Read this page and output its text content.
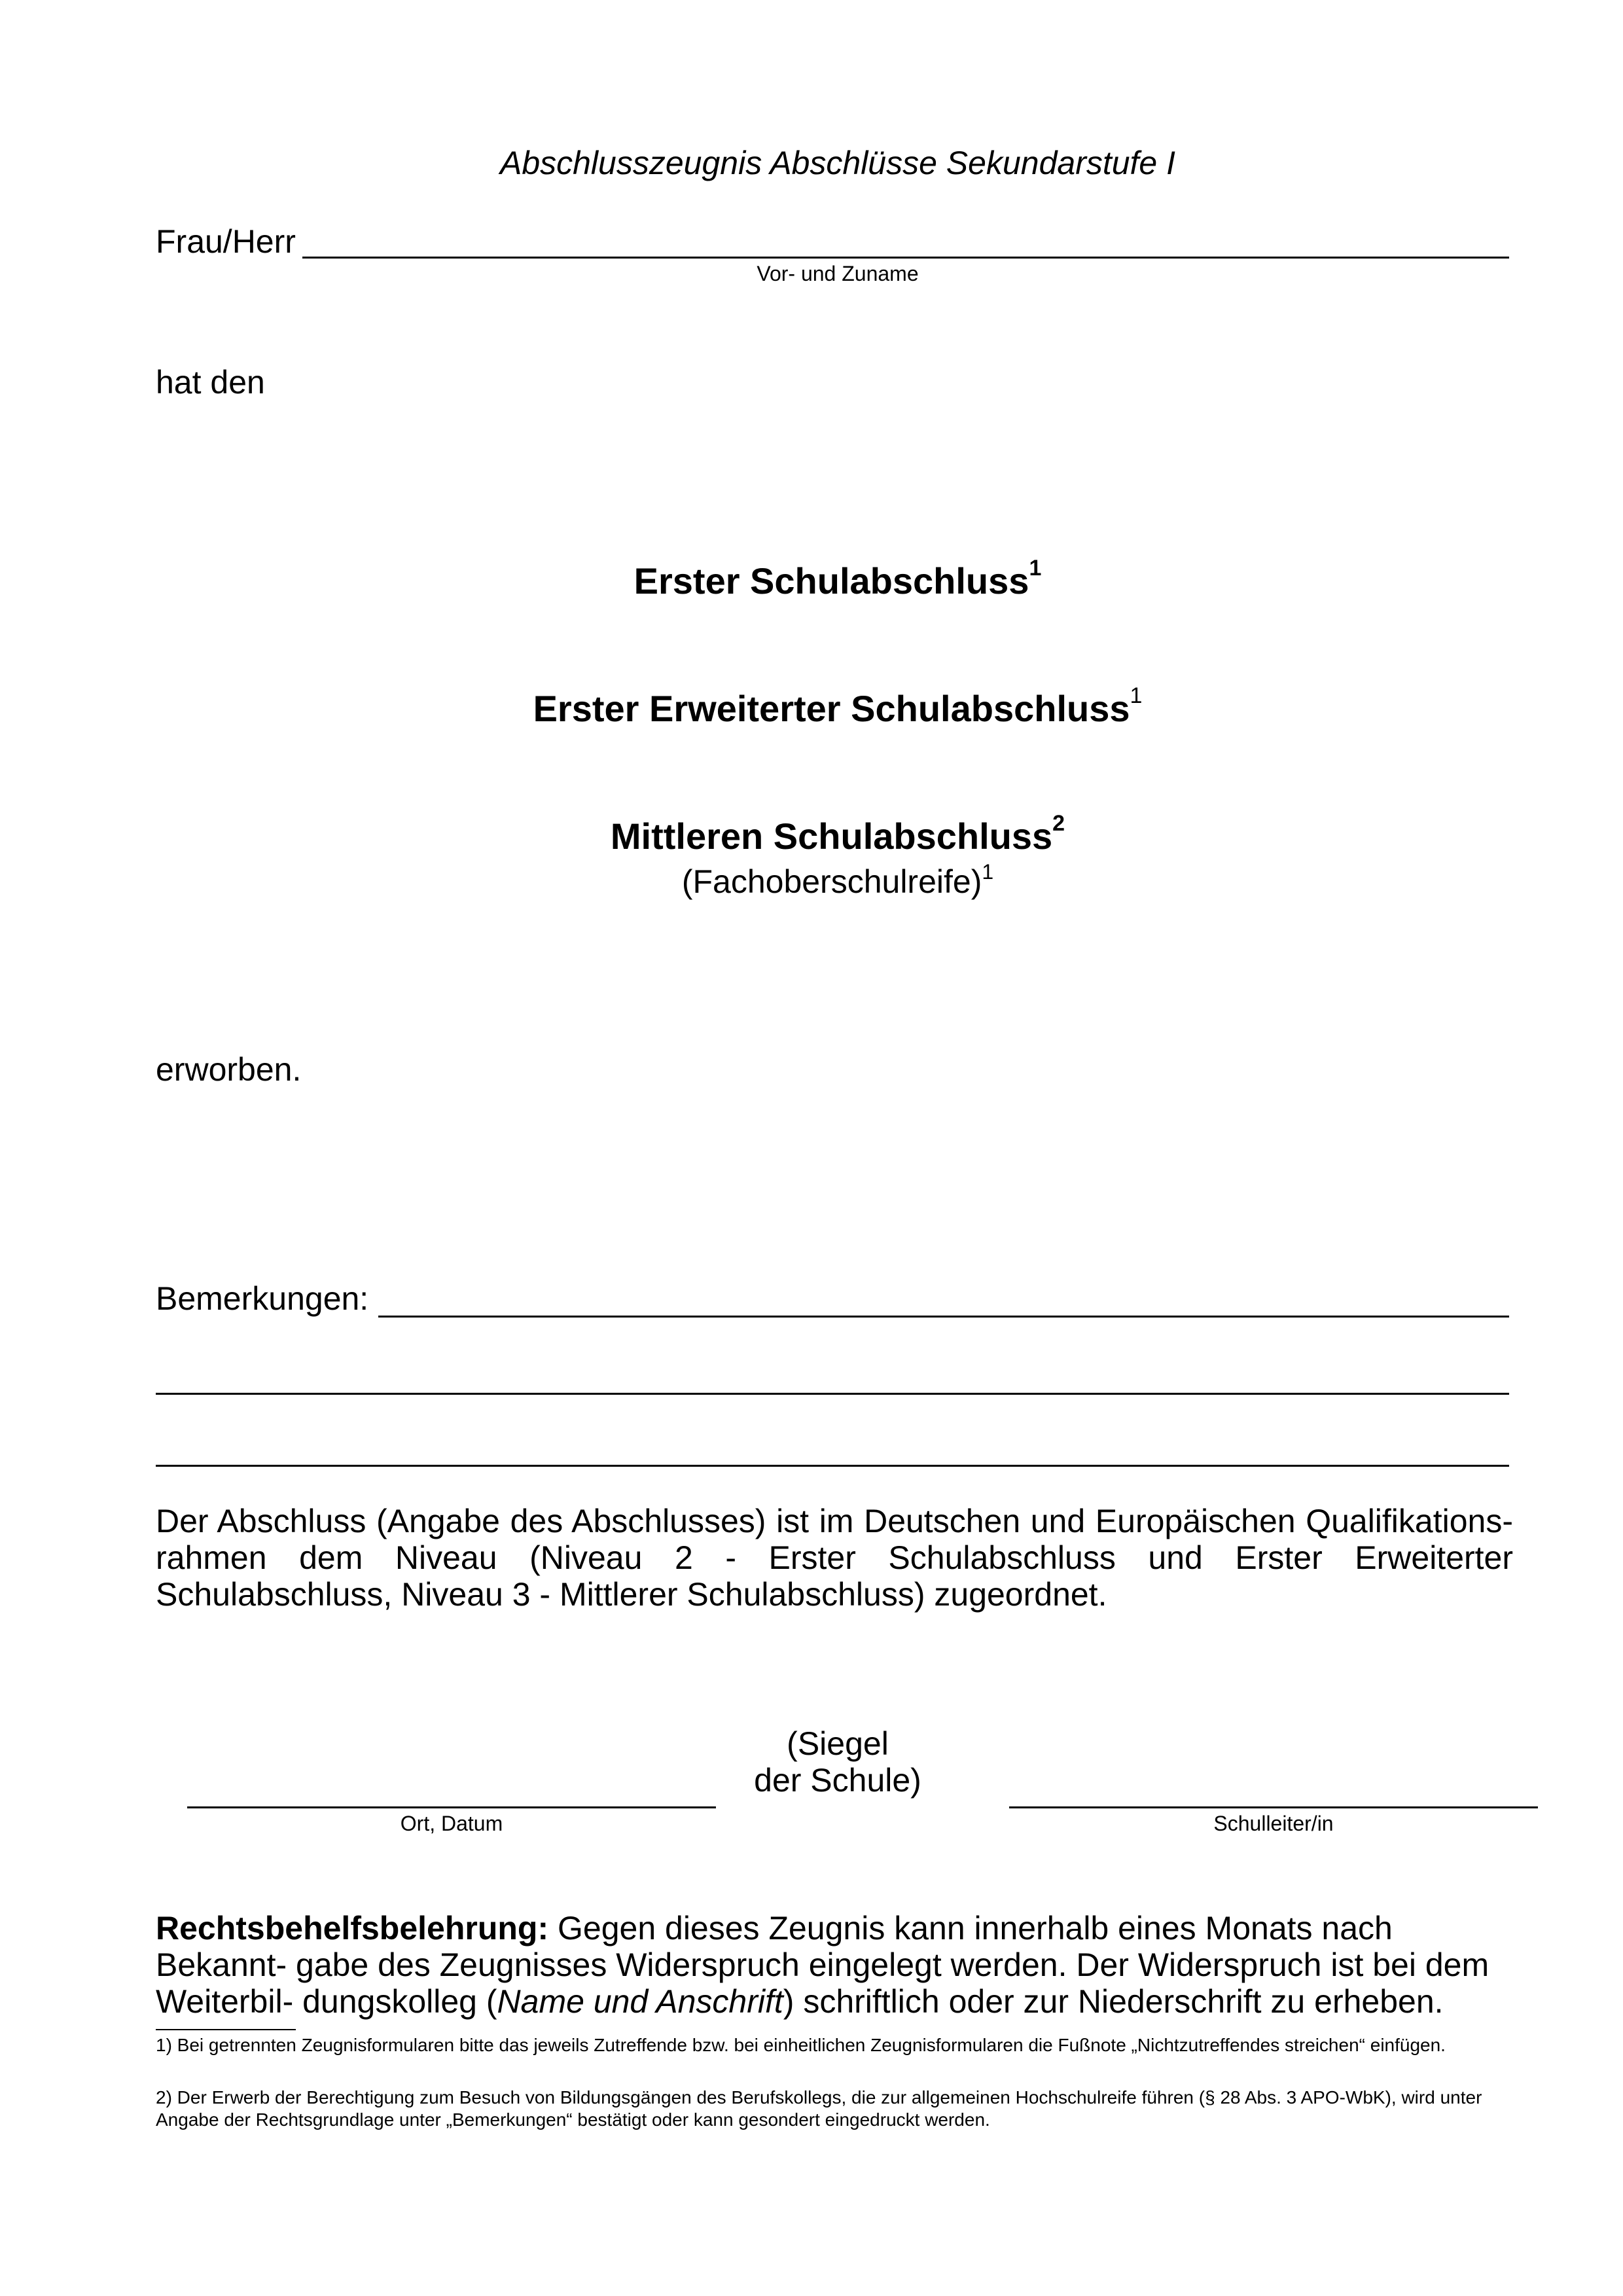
Abschlusszeugnis Abschlüsse Sekundarstufe I
Frau/Herr
Vor- und Zuname
hat den
Erster Schulabschluss$^1$
Erster Erweiterter Schulabschluss$^1$
Mittleren Schulabschluss$^2$
(Fachoberschulreife)$^1$
erworben.
Bemerkungen:
Der Abschluss (Angabe des Abschlusses) ist im Deutschen und Europäischen Qualifikations-rahmen dem Niveau (Niveau 2 - Erster Schulabschluss und Erster Erweiterter Schulabschluss, Niveau 3 - Mittlerer Schulabschluss) zugeordnet.
(Siegel
der Schule)
Ort, Datum	Schulleiter/in
Rechtsbehelfsbelehrung: Gegen dieses Zeugnis kann innerhalb eines Monats nach Bekannt- gabe des Zeugnisses Widerspruch eingelegt werden. Der Widerspruch ist bei dem Weiterbil- dungskolleg (Name und Anschrift) schriftlich oder zur Niederschrift zu erheben.
1) Bei getrennten Zeugnisformularen bitte das jeweils Zutreffende bzw. bei einheitlichen Zeugnisformularen die Fußnote „Nichtzutreffendes streichen“ einfügen.
2) Der Erwerb der Berechtigung zum Besuch von Bildungsgängen des Berufskollegs, die zur allgemeinen Hochschulreife führen (§ 28 Abs. 3 APO-WbK), wird unter Angabe der Rechtsgrundlage unter „Bemerkungen“ bestätigt oder kann gesondert eingedruckt werden.
